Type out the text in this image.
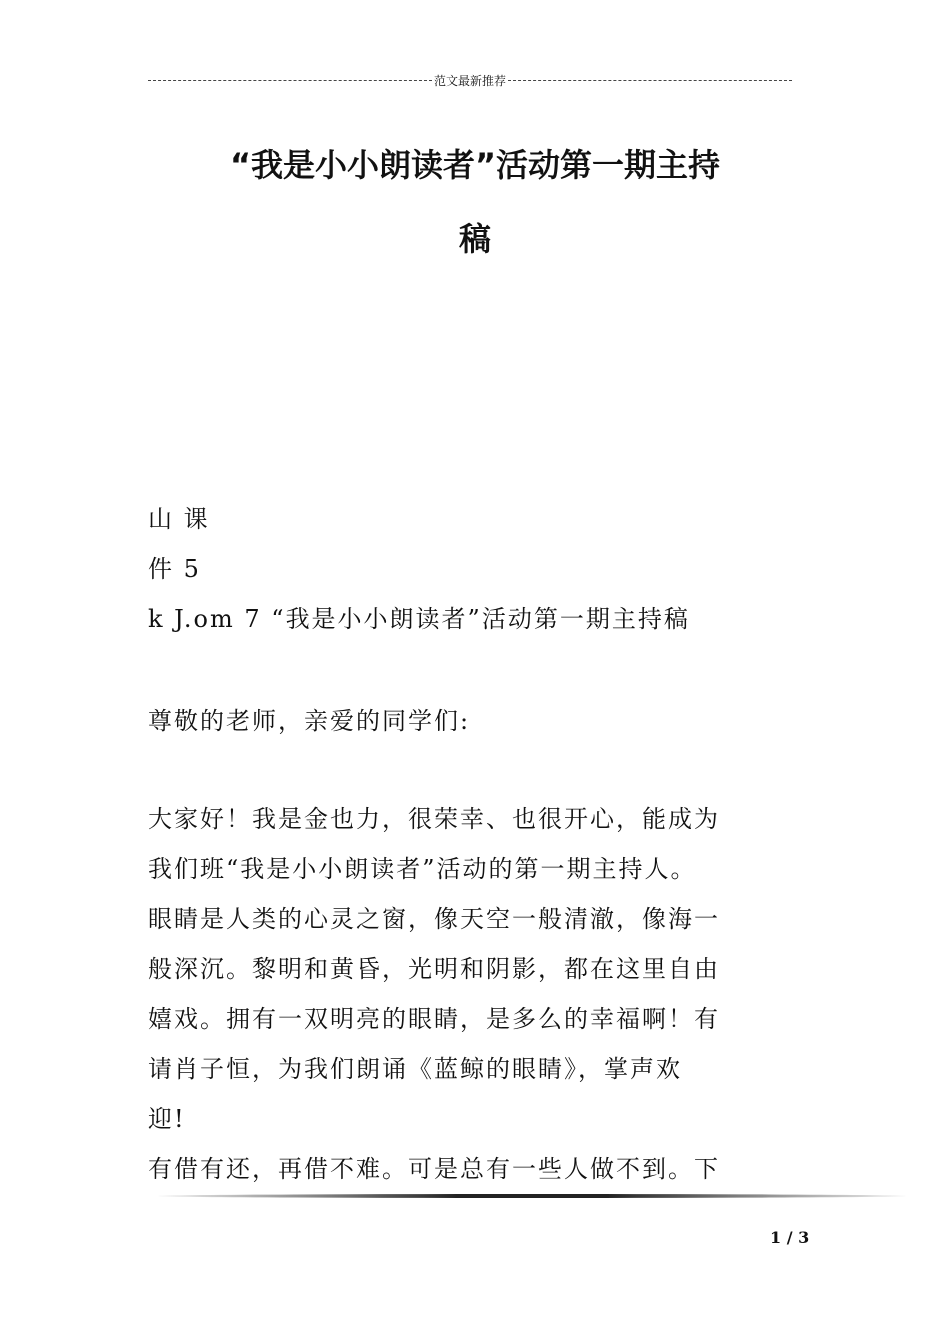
范文最新推荐
“我是小小朗读者”活动第一期主持
稿
山 课
件 5
k J.om 7 “我是小小朗读者”活动第一期主持稿
尊敬的老师，亲爱的同学们:
大家好！我是金也力，很荣幸、也很开心，能成为
我们班“我是小小朗读者”活动的第一期主持人。
眼睛是人类的心灵之窗，像天空一般清澈，像海一
般深沉。黎明和黄昏，光明和阴影，都在这里自由
嬉戏。拥有一双明亮的眼睛，是多么的幸福啊！有
请肖子恒，为我们朗诵《蓝鲸的眼睛》，掌声欢
迎!
有借有还，再借不难。可是总有一些人做不到。下
1 / 3
